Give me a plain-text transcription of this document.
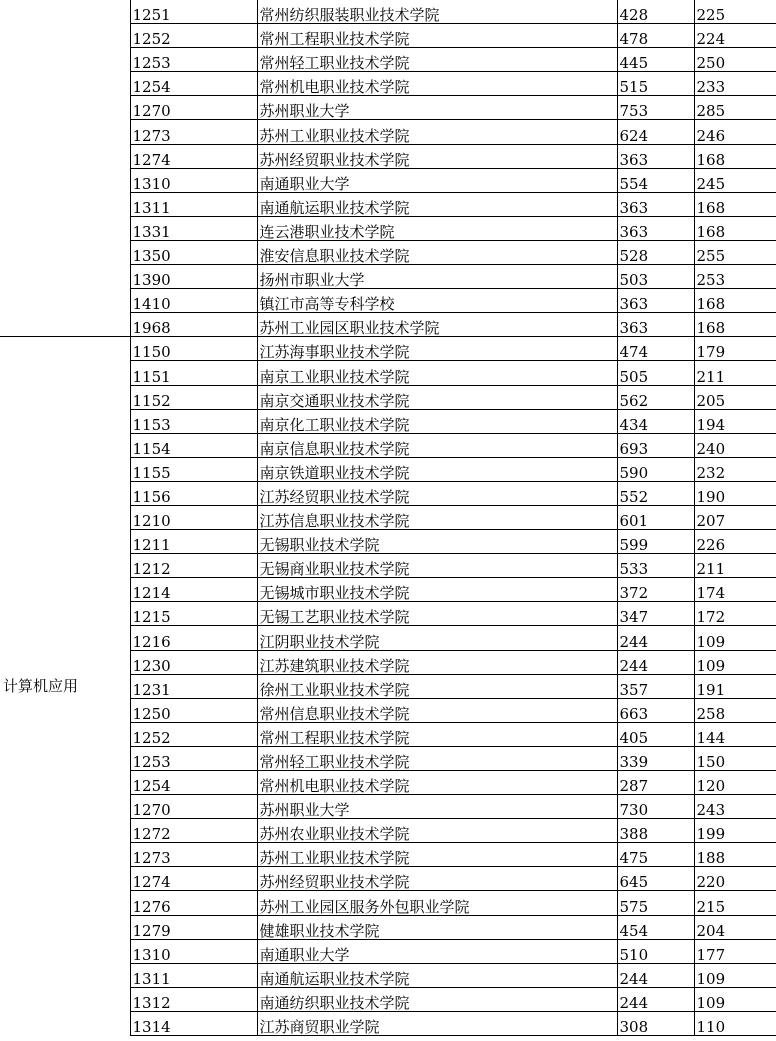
	1251	常州纺织服装职业技术学院	428	225
	1252	常州工程职业技术学院	478	224
	1253	常州轻工职业技术学院	445	250
	1254	常州机电职业技术学院	515	233
	1270	苏州职业大学	753	285
	1273	苏州工业职业技术学院	624	246
	1274	苏州经贸职业技术学院	363	168
	1310	南通职业大学	554	245
	1311	南通航运职业技术学院	363	168
	1331	连云港职业技术学院	363	168
	1350	淮安信息职业技术学院	528	255
	1390	扬州市职业大学	503	253
	1410	镇江市高等专科学校	363	168
	1968	苏州工业园区职业技术学院	363	168
计算机应用	1150	江苏海事职业技术学院	474	179
	1151	南京工业职业技术学院	505	211
	1152	南京交通职业技术学院	562	205
	1153	南京化工职业技术学院	434	194
	1154	南京信息职业技术学院	693	240
	1155	南京铁道职业技术学院	590	232
	1156	江苏经贸职业技术学院	552	190
	1210	江苏信息职业技术学院	601	207
	1211	无锡职业技术学院	599	226
	1212	无锡商业职业技术学院	533	211
	1214	无锡城市职业技术学院	372	174
	1215	无锡工艺职业技术学院	347	172
	1216	江阴职业技术学院	244	109
	1230	江苏建筑职业技术学院	244	109
	1231	徐州工业职业技术学院	357	191
	1250	常州信息职业技术学院	663	258
	1252	常州工程职业技术学院	405	144
	1253	常州轻工职业技术学院	339	150
	1254	常州机电职业技术学院	287	120
	1270	苏州职业大学	730	243
	1272	苏州农业职业技术学院	388	199
	1273	苏州工业职业技术学院	475	188
	1274	苏州经贸职业技术学院	645	220
	1276	苏州工业园区服务外包职业学院	575	215
	1279	健雄职业技术学院	454	204
	1310	南通职业大学	510	177
	1311	南通航运职业技术学院	244	109
	1312	南通纺织职业技术学院	244	109
	1314	江苏商贸职业学院	308	110
